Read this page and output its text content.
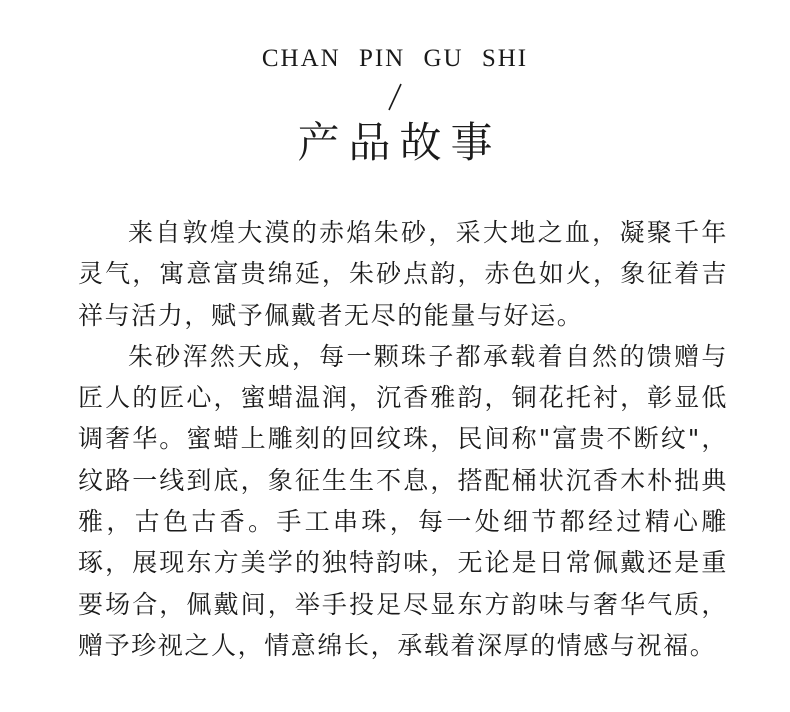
CHAN PIN GU SHI
产品故事

来自敦煌大漠的赤焰朱砂，采大地之血，凝聚千年灵气，寓意富贵绵延，朱砂点韵，赤色如火，象征着吉祥与活力，赋予佩戴者无尽的能量与好运。

朱砂浑然天成，每一颗珠子都承载着自然的馈赠与匠人的匠心，蜜蜡温润，沉香雅韵，铜花托衬，彰显低调奢华。蜜蜡上雕刻的回纹珠，民间称"富贵不断纹"，纹路一线到底，象征生生不息，搭配桶状沉香木朴拙典雅，古色古香。手工串珠，每一处细节都经过精心雕琢，展现东方美学的独特韵味，无论是日常佩戴还是重要场合，佩戴间，举手投足尽显东方韵味与奢华气质，赠予珍视之人，情意绵长，承载着深厚的情感与祝福。
